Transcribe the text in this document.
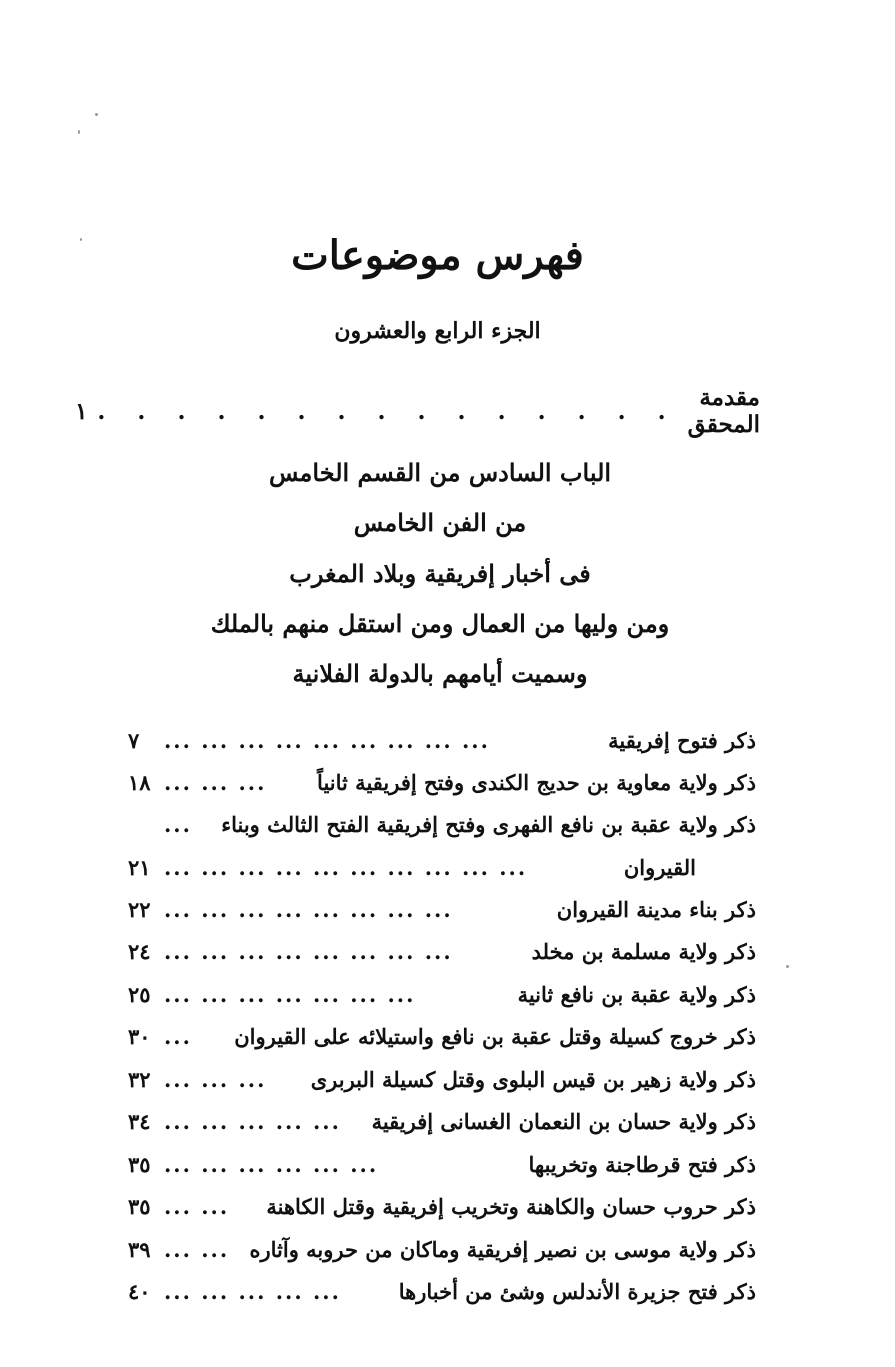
فهرس موضوعات
الجزء الرابع والعشرون
مقدمة المحقق
. . . . . . . . . . . . . . .
١
الباب السادس من القسم الخامس
من الفن الخامس
فى أخبار إفريقية وبلاد المغرب
ومن وليها من العمال ومن استقل منهم بالملك
وسميت أيامهم بالدولة الفلانية
ذكر فتوح إفريقية
... ... ... ... ... ... ... ... ...
٧
ذكر ولاية معاوية بن حديج الكندى وفتح إفريقية ثانياً
... ... ...
١٨
ذكر ولاية عقبة بن نافع الفهرى وفتح إفريقية الفتح الثالث وبناء
...
القيروان
... ... ... ... ... ... ... ... ... ...
٢١
ذكر بناء مدينة القيروان
... ... ... ... ... ... ... ...
٢٢
ذكر ولاية مسلمة بن مخلد
... ... ... ... ... ... ... ...
٢٤
ذكر ولاية عقبة بن نافع ثانية
... ... ... ... ... ... ...
٢٥
ذكر خروج كسيلة وقتل عقبة بن نافع واستيلائه على القيروان
...
٣٠
ذكر ولاية زهير بن قيس البلوى وقتل كسيلة البربرى
... ... ...
٣٢
ذكر ولاية حسان بن النعمان الغسانى إفريقية
... ... ... ... ...
٣٤
ذكر فتح قرطاجنة وتخريبها
... ... ... ... ... ...
٣٥
ذكر حروب حسان والكاهنة وتخريب إفريقية وقتل الكاهنة
... ...
٣٥
ذكر ولاية موسى بن نصير إفريقية وماكان من حروبه وآثاره
... ...
٣٩
ذكر فتح جزيرة الأندلس وشئ من أخبارها
... ... ... ... ...
٤٠
